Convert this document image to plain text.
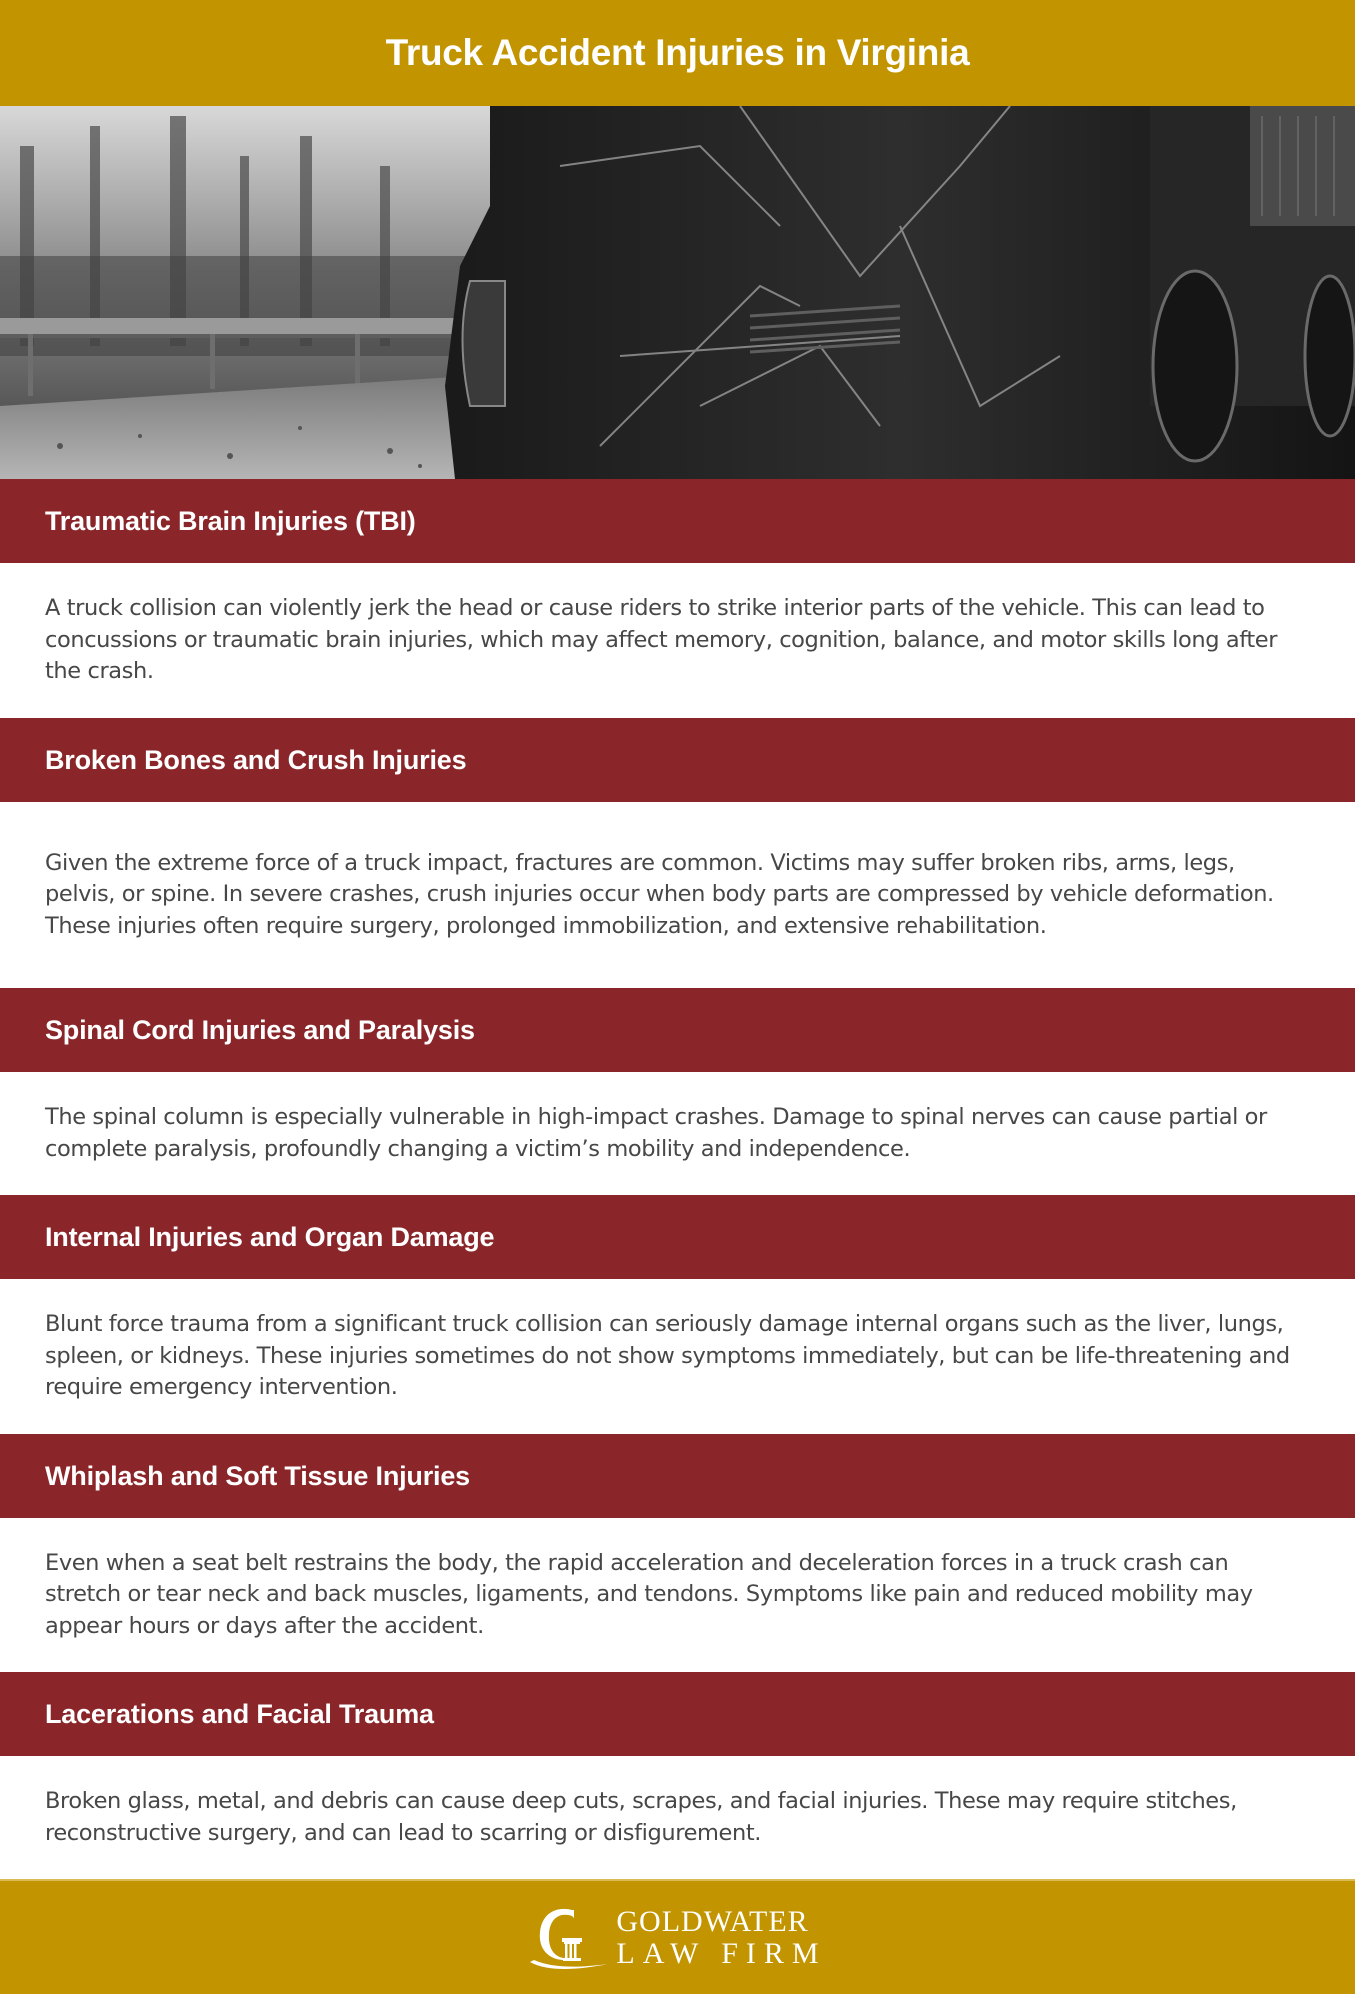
Truck Accident Injuries in Virginia
Traumatic Brain Injuries (TBI)

A truck collision can violently jerk the head or cause riders to strike interior parts of the vehicle. This can lead to concussions or traumatic brain injuries, which may affect memory, cognition, balance, and motor skills long after the crash.

Broken Bones and Crush Injuries

Given the extreme force of a truck impact, fractures are common. Victims may suffer broken ribs, arms, legs, pelvis, or spine. In severe crashes, crush injuries occur when body parts are compressed by vehicle deformation. These injuries often require surgery, prolonged immobilization, and extensive rehabilitation.

Spinal Cord Injuries and Paralysis

The spinal column is especially vulnerable in high-impact crashes. Damage to spinal nerves can cause partial or complete paralysis, profoundly changing a victim’s mobility and independence.

Internal Injuries and Organ Damage

Blunt force trauma from a significant truck collision can seriously damage internal organs such as the liver, lungs, spleen, or kidneys. These injuries sometimes do not show symptoms immediately, but can be life-threatening and require emergency intervention.

Whiplash and Soft Tissue Injuries

Even when a seat belt restrains the body, the rapid acceleration and deceleration forces in a truck crash can stretch or tear neck and back muscles, ligaments, and tendons. Symptoms like pain and reduced mobility may appear hours or days after the accident.

Lacerations and Facial Trauma

Broken glass, metal, and debris can cause deep cuts, scrapes, and facial injuries. These may require stitches, reconstructive surgery, and can lead to scarring or disfigurement.

GOLDWATER
LAW FIRM
